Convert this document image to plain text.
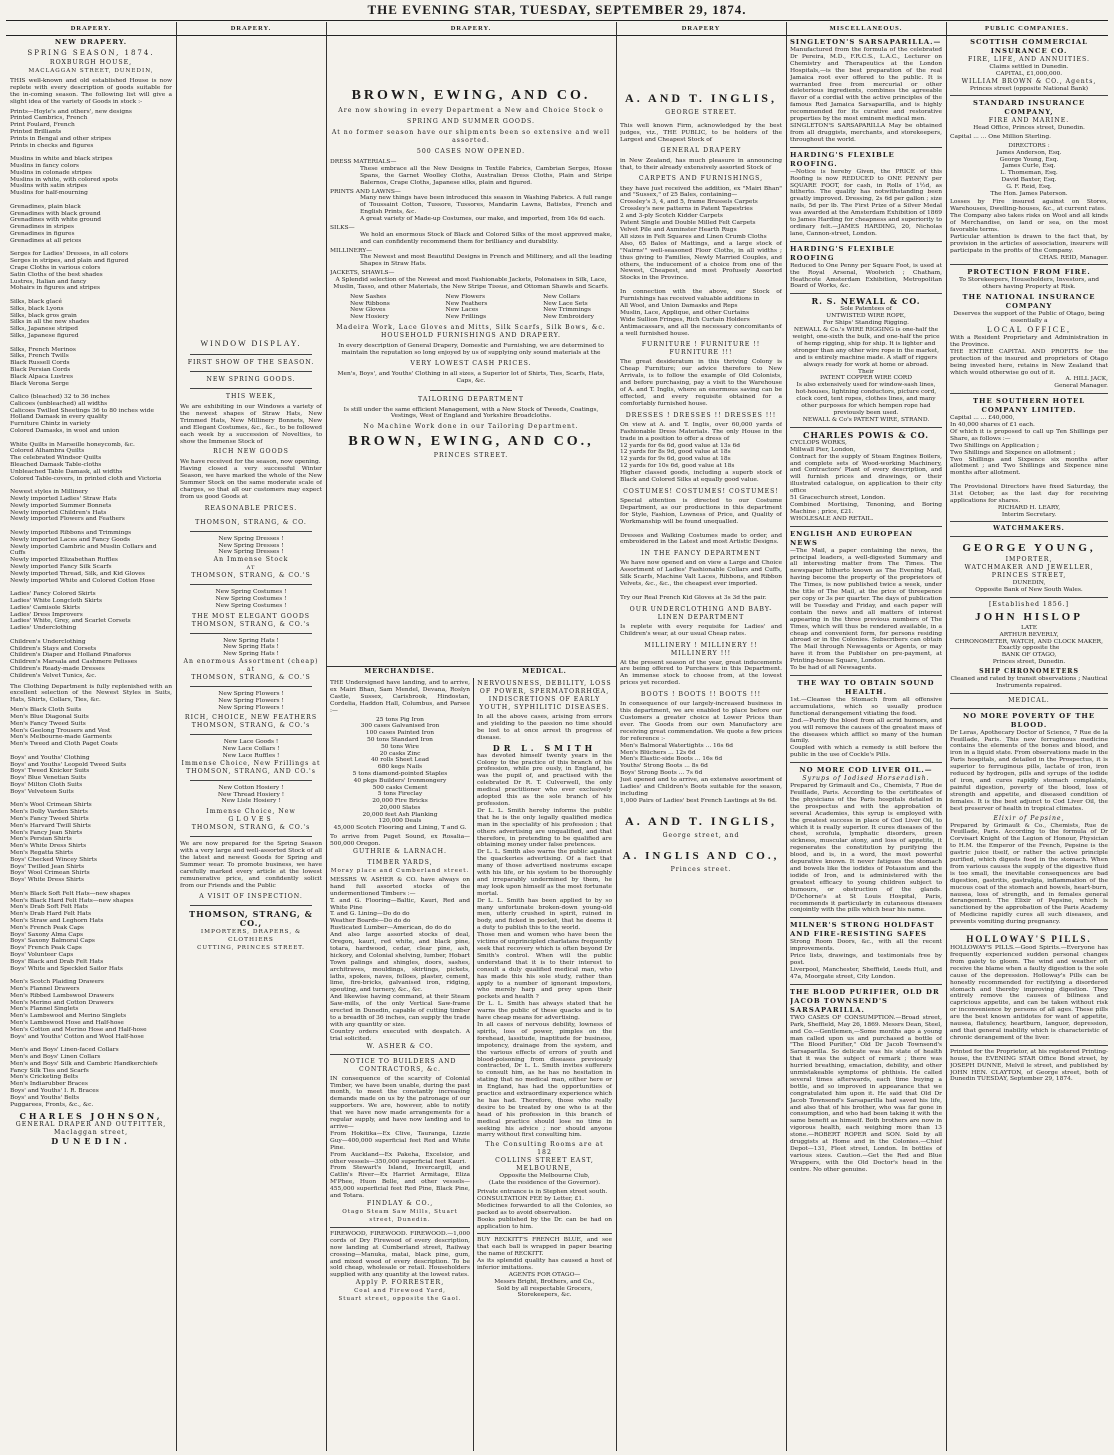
THE EVENING STAR, TUESDAY, SEPTEMBER 29, 1874.
DRAPERY.	DRAPERY.	DRAPERY.	DRAPERY	MISCELLANEOUS.	PUBLIC COMPANIES.
NEW DRAPERY.
SPRING SEASON, 1874.
ROXBURGH HOUSE,
MACLAGGAN STREET, DUNEDIN,
THIS well-known and old established House is now replete with every description of goods suitable for the in-coming season. The following list will give a slight idea of the variety of Goods in stock :-
Prints—Hoyle's and others', new designs
Printed Cambrics, French
Print Foulard, French
Printed Brilliants
Prints in Bengal and other stripes
Prints in checks and figures

Muslins in white and black stripes
Muslins in fancy colors
Muslins in colonade stripes
Muslins in white, with colored spots
Muslins with satin stripes
Muslins for half-mourning

Grenadines, plain black
Grenadines with black ground
Grenadines with white ground
Grenadines in stripes
Grenadines in figures
Grenadines at all prices

Serges for Ladies' Dresses, in all colors
Serges in stripes, and plain and figured
Crape Cloths in various colors
Satin Cloths of the best shades
Lustres, Italian and fancy
Mohairs in figures and stripes

Silks, black glacé
Silks, black Lyons
Silks, black gros grain
Silks in all the new shades
Silks, Japanese striped
Silks, Japanese figured

Silks, French Merinos
Silks, French Twills
Black Russell Cords
Black Persian Cords
Black Alpaca Lustres
Black Verona Serge

Calico (bleached) 32 to 36 inches
Calicoes (unbleached) all widths
Calicoes Twilled Sheetings 36 to 80 inches wide
Holland Damask in every quality
Furniture Chintz in variety
Colored Damasks, in wool and union

White Quilts in Marseille honeycomb, &c.
Colored Alhambra Quilts
The celebrated Windsor Quilts
Bleached Damask Table-cloths
Unbleached Table Damask, all widths
Colored Table-covers, in printed cloth and Victoria

Newest styles in Millinery
Newly imported Ladies' Straw Hats
Newly imported Summer Bonnets
Newly imported Children's Hats
Newly imported Flowers and Feathers

Newly imported Ribbons and Trimmings
Newly imported Laces and Fancy Goods
Newly imported Cambric and Muslin Collars and Cuffs
Newly imported Elizabethan Ruffles
Newly imported Fancy Silk Scarfs
Newly imported Thread, Silk, and Kid Gloves
Newly imported White and Colored Cotton Hose

Ladies' Fancy Colored Skirts
Ladies' White Longcloth Skirts
Ladies' Camisole Skirts
Ladies' Dress Improvers
Ladies' White, Grey, and Scarlet Corsets
Ladies' Underclothing

Children's Underclothing
Children's Stays and Corsets
Children's Diaper and Holland Pinafores
Children's Marsala and Cashmere Pelisses
Children's Ready-made Dresses
Children's Velvet Tunics, &c.
The Clothing Department is fully replenished with an excellent selection of the Newest Styles in Suits, Hats, Shirts, Collars, Ties, &c.
Men's Black Cloth Suits
Men's Blue Diagonal Suits
Men's Fancy Tweed Suits
Men's Geelong Trousers and Vest
Men's Melbourne-made Garments
Men's Tweed and Cloth Paget Coats

Boys' and Youths' Clothing
Boys' and Youths' Leopold Tweed Suits
Boys' Tweed Knicker Suits
Boys' Blue Venetian Suits
Boys' Milton Cloth Suits
Boys' Velveteen Suits

Men's Wool Crimean Shirts
Men's Dolly Varden Shirts
Men's Fancy Tweed Shirts
Men's Harvard Twill Shirts
Men's Fancy Jean Shirts
Men's Persian Shirts
Men's White Dress Shirts
Men's Regatta Shirts
Boys' Checked Wincey Shirts
Boys' Twilled Jean Shirts
Boys' Wool Crimean Shirts
Boys' White Dress Shirts

Men's Black Soft Felt Hats—new shapes
Men's Black Hard Felt Hats—new shapes
Men's Drab Soft Felt Hats
Men's Drab Hard Felt Hats
Men's Straw and Leghorn Hats
Men's French Peak Caps
Boys' Saxony Alma Caps
Boys' Saxony Balmoral Caps
Boys' French Peak Caps
Boys' Volunteer Caps
Boys' Black and Drab Felt Hats
Boys' White and Speckled Sailor Hats

Men's Scotch Plaiding Drawers
Men's Flannel Drawers
Men's Ribbed Lambswool Drawers
Men's Merino and Cotton Drawers
Men's Flannel Singlets
Men's Lambswool and Merino Singlets
Men's Lambswool Hose and Half-hose
Men's Cotton and Merino Hose and Half-hose
Boys' and Youths' Cotton and Wool Half-hose

Men's and Boys' Linen-faced Collars
Men's and Boys' Linen Collars
Men's and Boys' Silk and Cambric Handkerchiefs
Fancy Silk Ties and Scarfs
Men's Cricketing Belts
Men's Indiarubber Braces
Boys' and Youths' I. R. Braces
Boys' and Youths' Belts
Puggarees, Fronts, &c., &c.
CHARLES JOHNSON,
GENERAL DRAPER AND OUTFITTER,
Maclaggan street,
DUNEDIN.
WINDOW DISPLAY.
FIRST SHOW OF THE SEASON.
NEW SPRING GOODS.
THIS WEEK,
We are exhibiting in our Windows a variety of the newest shapes of Straw Hats, New Trimmed Hats, New Millinery Bonnets, New and Elegant Costumes, &c., &c., to be followed each week by a succession of Novelties, to show the Immense Stock of
RICH NEW GOODS
We have received for the season, now opening.
Having closed a very successful Winter Season, we have marked the whole of the New Summer Stock on the same moderate scale of charges, so that all our customers may expect from us good Goods at
REASONABLE PRICES.
THOMSON, STRANG, & CO.
New Spring Dresses !
New Spring Dresses !
New Spring Dresses !
An Immense Stock
AT
THOMSON, STRANG, & CO.'S
New Spring Costumes !
New Spring Costumes !
New Spring Costumes !
THE MOST ELEGANT GOODS
THOMSON, STRANG, & CO.'s
New Spring Hats !
New Spring Hats !
New Spring Hats !
An enormous Assortment (cheap) at
THOMSON, STRANG, & CO.'S
New Spring Flowers !
New Spring Flowers !
New Spring Flowers !
RICH, CHOICE, NEW FEATHERS
THOMSON, STRANG, & CO.'s
New Lace Goods !
New Lace Collars !
New Lace Ruffles !
Immense Choice, New Frillings at
THOMSON, STRANG, AND CO.'s
New Cotton Hosiery !
New Thread Hosiery !
New Lisle Hosiery !
Immense Choice, New
GLOVES
THOMSON, STRANG, & CO.'s
We are now prepared for the Spring Season with a very large and well-assorted Stock of all the latest and newest Goods for Spring and Summer wear. To promote business, we have carefully marked every article at the lowest remunerative price, and confidently solicit from our Friends and the Public
A VISIT OF INSPECTION.
THOMSON, STRANG, & CO.,
IMPORTERS, DRAPERS, & CLOTHIERS
CUTTING, PRINCES STREET.
BROWN, EWING, AND CO.
Are now showing in every Department a New and Choice Stock o
SPRING AND SUMMER GOODS.
At no former season have our shipments been so extensive and well assorted.
500 CASES NOW OPENED.
DRESS MATERIALS—
These embrace all the New Designs in Textile Fabrics, Cambrian Serges, Hosse Spans, the Garnet Woolley Cloths, Australian Dress Cloths, Plain and Stripe Balernos, Crape Cloths, Japanese silks, plain and figured.
PRINTS AND LAWNS—
Many new things have been introduced this season in Washing Fabrics. A full range of Toussaint Cotton, Tussore, Tussores, Mandarin Lawns, Batistes, French and English Prints, &c.
A great variety of Made-up Costumes, our make, and imported, from 16s 6d each.
SILKS—
We hold an enormous Stock of Black and Colored Silks of the most approved make, and can confidently recommend them for brilliancy and durability.
MILLINERY—
The Newest and most Beautiful Designs in French and Millinery, and all the leading Shapes in Straw Hats.
JACKETS, SHAWLS—
A Splendid selection of the Newest and most Fashionable Jackets, Polonaises in Silk, Lace, Muslin, Tasso, and other Materials, the New Stripe Tissue, and Ottoman Shawls and Scarfs.
New Sashes
New Ribbons
New Gloves
New Hosiery
New Flowers
New Feathers
New Laces
New Frillings
New Collars
New Lace Sets
New Trimmings
New Embroidery
Madeira Work, Lace Gloves and Mitts, Silk Scarfs, Silk Bows, &c.
HOUSEHOLD FURNISHINGS AND DRAPERY.
In every description of General Drapery, Domestic and Furnishing, we are determined to maintain the reputation so long enjoyed by us of supplying only sound materials at the
VERY LOWEST CASH PRICES.
Men's, Boys', and Youths' Clothing in all sizes, a Superior lot of Shirts, Ties, Scarfs, Hats, Caps, &c.
TAILORING DEPARTMENT
Is still under the same efficient Management, with a New Stock of Tweeds, Coatings, Vestings, West of England and Yorkshire Broadcloths.
No Machine Work done in our Tailoring Department.
BROWN, EWING, AND CO.,
PRINCES STREET.
MERCHANDISE.	MEDICAL.
THE Undersigned have landing, and to arrive, ex Mairi Bhan, Sam Mendel, Devana, Roslyn Castle, Sussex, Carisbrook, Hindostan, Cordelia, Haddon Hall, Columbus, and Parsee :—
25 tons Pig Iron
300 cases Galvanised Iron
100 cases Painted Iron
50 tons Standard Iron
50 tons Wire
20 casks Zinc
40 rolls Sheet Lead
680 kegs Nails
5 tons diamond-pointed Staples
40 pkgs Builders' Ironmongery
500 casks Cement
5 tons Fireclay
20,000 Fire Bricks
20,000 Slates
20,000 feet Ash Planking
120,000 Deals
45,000 Scotch Flooring and Lining, T and G.
To arrive from Puget Sound, ex Rosalia—500,000 Oregon.
GUTHRIE & LARNACH.
TIMBER YARDS,
Moray place and Cumberland street.
MESSRS W. ASHER & CO. have always on hand full assorted stocks of the undermentioned Timbers :—
T. and G. Flooring—Baltic, Kauri, Red and White Pine
T. and G. Lining—Do do do
Weather Boards—Do do do
Rusticated Lumber—American, do do do
And also large assorted stocks of deal, Oregon, kauri, red white, and black pine, totara, hardwood, cedar, clear pine, ash, hickory, and Colonial shelving, lumber, Hobart Town palings and shingles, doors, sashes, architraves, mouldings, skirtings, pickets, laths, spokes, naves, felloes, plaster, cement, lime, fire-bricks, galvanised iron, ridging, spouting, and turnery, &c., &c.
And likewise having command, at their Steam Saw-mills, of the only Vertical Saw-frame erected in Dunedin, capable of cutting timber to a breadth of 36 inches, can supply the trade with any quantity or size.
Country orders executed with despatch. A trial solicited.
W. ASHER & CO.
NOTICE TO BUILDERS AND CONTRACTORS, &c.
IN consequence of the scarcity of Colonial Timber, we have been unable, during the past month, to meet the constantly increasing demands made on us by the patronage of our supporters. We are, however, able to notify that we have now made arrangements for a regular supply, and have now landing and to arrive—
From Hokitika—Ex Clive, Tauranga, Lizzie Guy—400,000 superficial feet Red and White Pine.
From Auckland—Ex Pakeha, Excelsior, and other vessels—350,000 superficial feet Kauri.
From Stewart's Island, Invercargill, and Catlin's River—Ex Harriet Armitage, Eliza M'Phee, Huon Belle, and other vessels—455,000 superficial feet Red Pine, Black Pine, and Totara.
FINDLAY & CO.,
Otago Steam Saw Mills, Stuart street, Dunedin.
FIREWOOD, FIREWOOD. FIREWOOD.—1,000 cords of Dry Firewood of every description, now landing at Cumberland street, Railway crossing—Manuka, matai, black pine, gum, and mixed wood of every description. To be sold cheap, wholesale or retail. Householders supplied with any quantity at the lowest rates.
Apply P. FORRESTER,
Coal and Firewood Yard,
Stuart street, opposite the Gaol.
NERVOUSNESS, DEBILITY, LOSS OF POWER, SPERMATORRHŒA, INDISCRETIONS OF EARLY YOUTH, SYPHILITIC DISEASES.
In all the above cases, arising from errors and yielding to the passion no time should be lost to at once arrest th progress of disease.
DR L. SMITH
has devoted himself twenty years in the Colony to the practice of this branch of his profession, while pre ously, in England, he was the pupil of, and practised with the celebrated Dr R. T. Culverwell, the only medical practitioner who ever exclusively adopted this as the sole branch of his profession.
Dr L. L. Smith hereby informs the public that he is the only legally qualified medica man in the speciality of his profession ; that others advertising are unqualified, and that therefore, in pretending to be qualified are obtaining money under false pretences.
Dr L. L. Smith also warns the public against the quackeries advertising. Of a fact that many of those advertised nostrums escape with his life, or his system to be thoroughly and irreparably undermined by them, he may look upon himself as the most fortunate mortal.
Dr L. L. Smith has been applied to by so many unfortunate broken-down young-old men, utterly crushed in spirit, ruined in body, and ficked in pocket, that he deems it a duty to publish this to the world.
Those men and women who have been the victims of unprincipled charlatans frequently seek that recovery which is often beyond Dr Smith's control. When will the public understand that it is to their interest to consult a duly qualified medical man, who has made this his sole study, rather than apply to a number of ignorant impostors, who merely harp and prey upon their pockets and health ?
Dr L. L. Smith has always stated that he warns the public of these quacks and is to have cheap means for advertising.
In all cases of nervous debility, lowness of spirits, loss of power, pimples on the forehead, lassitude, inaptitude for business, impotency, drainage from the system, and the various effects of errors of youth and blood-poisoning from diseases previously contracted, Dr L. L. Smith invites sufferers to consult him, as he has no hesitation in stating that no medical man, either here or in England, has had the opportunities of practice and extraordinary experience which he has had. Therefore, those who really desire to be treated by one who is at the head of his profession in this branch of medical practice should lose no time in seeking his advice ; nor should anyone marry without first consulting him.
The Consulting Rooms are at 182
COLLINS STREET EAST, MELBOURNE,
Opposite the Melbourne Club,
(Late the residence of the Governor).
Private entrance is in Stephen street south.
CONSULTATION FEE by Letter, £1.
Medicines forwarded to all the Colonies, so packed as to avoid observation.
Books published by the Dr. can be had on application to him.
BUY RECKITT'S FRENCH BLUE, and see that each ball is wrapped in paper bearing the name of RECKITT.
As its splendid quality has caused a host of inferior imitations.
AGENTS FOR OTAGO—
Messrs Bright, Brothers, and Co.,
Sold by all respectable Grocers, Storekeepers, &c.
A. AND T. INGLIS,
GEORGE STREET.
This well known Firm, acknowledged by the best judges, viz., THE PUBLIC, to be holders of the Largest and Cheapest Stock of
GENERAL DRAPERY
in New Zealand, has much pleasure in announcing that, to their already extensively assorted Stock of
CARPETS AND FURNISHINGS,
they have just received the addition, ex "Mairi Bhan" and "Sussex," of 25 Bales, containing—
Crossley's 3, 4, and 5, frame Brussels Carpets
Crossley's new patterns in Patent Tapestries
2 and 3-ply Scotch Kidder Carpets
Patent Single and Double Milled Felt Carpets
Velvet Pile and Axminster Hearth Rugs
All sizes in Felt Squares and Linen Crumb Cloths
Also, 65 Bales of Mattings, and a large stock of "Nairns'" well-seasoned Floor Cloths, in all widths ; thus giving to Families, Newly Married Couples, and others, the inducement of a choice from one of the Newest, Cheapest, and most Profusely Assorted Stocks in the Province.

In connection with the above, our Stock of Furnishings has received valuable additions in
All Wool, and Union Damasks and Reps
Muslin, Lace, Applique, and other Curtains
Wide Sullion Fringes, Rich Curtain Holders
Antimacassars, and all the necessary concomitants of a well furnished house.
FURNITURE ! FURNITURE !! FURNITURE !!!
The great desideratum in this thriving Colony is Cheap Furniture; our advice therefore to New Arrivals, is to follow the example of Old Colonists, and before purchasing, pay a visit to the Warehouse of A. and T. Inglis, where an enormous saving can be effected, and every requisite obtained for a comfortably furnished house.
DRESSES ! DRESSES !! DRESSES !!!
On view at A. and T. Inglis, over 60,000 yards of Fashionable Dress Materials. The only House in the trade in a position to offer a dress of
12 yards for 6s 6d, good value at 13s 6d
12 yards for 8s 9d, good value at 18s
12 yards for 9s 6d, good value at 18s
12 yards for 10s 6d, good value at 18s
Higher classed goods, including a superb stock of Black and Colored Silks at equally good value.
COSTUMES! COSTUMES! COSTUMES!
Special attention is directed to our Costume Department, as our productions in this department for Style, Fashion, Lowness of Price, and Quality of Workmanship will be found unequalled.

Dresses and Walking Costumes made to order, and embroidered in the Latest and most Artistic Designs.
IN THE FANCY DEPARTMENT
We have now opened and on view a Large and Choice Assortment of Ladies' Fashionable Collars and Cuffs, Silk Scarfs, Machine Valt Laces, Ribbons, and Ribbon Velvets, &c., &c., the cheapest ever imported.

Try our Real French Kid Gloves at 3s 3d the pair.
OUR UNDERCLOTHING AND BABY-LINEN DEPARTMENT
Is replete with every requisite for Ladies' and Children's wear, at our usual Cheap rates.
MILLINERY ! MILLINERY !! MILLINERY !!!
At the present season of the year, great inducements are being offered to Purchasers in this Department. An immense stock to choose from, at the lowest prices yet recorded.
BOOTS ! BOOTS !! BOOTS !!!
In consequence of our largely-increased business in this department, we are enabled to place before our Customers a greater choice at Lower Prices than ever. The Goods from our own Manufactory are receiving great commendation. We quote a few prices for reference :-
Men's Balmoral Watertights ... 16s 6d
Men's Blüchers ... 12s 6d
Men's Elastic-side Boots ... 16s 6d
Youths' Strong Boots ... 8s 6d
Boys' Strong Boots ... 7s 6d
Just opened and to arrive, an extensive assortment of Ladies' and Children's Boots suitable for the season, including
1,000 Pairs of Ladies' best French Lastings at 9s 6d.
A. AND T. INGLIS,
George street, and
A. INGLIS AND CO.,
Princes street.
SINGLETON'S SARSAPARILLA.—
Manufactured from the formula of the celebrated Dr Pereira, M.D., F.R.C.S., L.A.C., Lecturer on Chemistry and Therapeutics at the London Hospitals,—is the best preparation of the real Jamaica root ever offered to the public. It is warranted free from mercurial or other deleterious ingredients, combines the agreeable flavor of a cordial with the active principles of the famous Red Jamaica Sarsaparilla, and is highly recommended for its curative and restorative properties by the most eminent medical men.
SINGLETON'S SARSAPARILLA May be obtained from all druggists, merchants, and storekeepers, throughout the world.
HARDING'S FLEXIBLE ROOFING.
—Notice is hereby Given, the PRICE of this Roofing is now REDUCED to ONE PENNY per SQUARE FOOT, for cash, in Rolls of 1½d, as hitherto. The quality has notwithstanding been greatly improved. Dressing, 2s 6d per gallon ; size nails, 5d per lb. The First Prize of a Silver Medal was awarded at the Amsterdam Exhibition of 1869 to James Harding for cheapness and superiority to ordinary felt.—JAMES HARDING, 20, Nicholas lane, Cannon-street, London.
HARDING'S FLEXIBLE ROOFING
Reduced to One Penny per Square Foot, is used at the Royal Arsenal, Woolwich ; Chatham, Heathcote Amsterdam Exhibition, Metropolitan Board of Works, &c.
R. S. NEWALL & CO.
Sole Patentees of
UNTWISTED WIRE ROPE,
For Ships' Standing Rigging.
NEWALL & Co.'s WIRE RIGGING is one-half the weight, one-sixth the bulk, and one-half the price of hemp rigging, ship for ship. It is lighter and stronger than any other wire rope in the market, and is entirely machine made. A staff of riggers always ready for work at home or abroad.
Their
PATENT COPPER WIRE CORD
Is also extensively used for window-sash lines, hot-houses, lightning conductors, picture cord, clock cord, tent ropes, clothes lines, and many other purposes for which hempen rope had previously been used.
NEWALL & Co's PATENT WIRE, STRAND.
CHARLES POWIS & CO.
CYCLOPS WORKS,
Millwall Pier, London,
Contract for the supply of Steam Engines Boilers, and complete sets of Wood-working Machinery, and Contractors' Plant of every description, and will furnish prices and drawings, or their illustrated catalogue, on application to their city office
51 Gracechurch street, London.
Combined Mortising, Tenoning, and Boring Machine ; price, £21.
WHOLESALE AND RETAIL.
ENGLISH AND EUROPEAN NEWS
—The Mail, a paper containing the news, the principal leaders, a well-digested Summary and all interesting matter from The Times. The newspaper hitherto known as The Evening Mail, having become the property of the proprietors of The Times, is now published twice a week, under the title of The Mail, at the price of threepence per copy or 3s per quarter. The days of publication will be Tuesday and Friday, and each paper will contain the news and all matters of interest appearing in the three previous numbers of The Times, which will thus be rendered available, in a cheap and convenient form, for persons residing abroad or in the Colonies. Subscribers can obtain The Mail through Newsagents or Agents, or may have it from the Publisher on pre-payment, at Printing-house Square, London.
To be had of all Newsagents.
THE WAY TO OBTAIN SOUND HEALTH.
1st.—Cleanse the Stomach from all offensive accumulations, which so usually produce functional derangement vitiating the food.
2nd.—Purify the blood from all acrid humors, and you will remove the causes of the greatest mass of the diseases which afflict so many of the human family.
Coupled with which a remedy is still before the public in the use of Cockle's Pills.
NO MORE COD LIVER OIL.—
Syrups of Iodised Horseradish.
Prepared by Grimault and Co., Chemists, 7 Rue de Feuillade, Paris. According to the certificates of the physicians of the Paris hospitals detailed in the prospectus and with the approbation of several Academies, this syrup is employed with the greatest success in place of Cod Liver Oil, to which it is really superior. It cures diseases of the chest, scrofula, lymphatic disorders, green sickness, muscular atony, and loss of appetite, it regenerates the constitution by purifying the blood, and is, in a word, the most powerful depurative known. It never fatigues the stomach and bowels like the iodides of Potassium and the iodide of Iron, and is administered with the greatest efficacy to young children subject to humours, or obstruction of the glands. D'Ochorne's at St Louis Hospital, Paris, recommends it particularly in cutaneous diseases conjointly with the pills which bear his name.
MILNER'S STRONG HOLDFAST AND FIRE-RESISTING SAFES
Strong Room Doors, &c., with all the recent improvements.
Price lists, drawings, and testimonials free by post.
Liverpool, Manchester, Sheffield, Leeds Hull, and 47a, Moorgate street, City London.
THE BLOOD PURIFIER, OLD DR JACOB TOWNSEND'S SARSAPARILLA.
TWO CASES OF CONSUMPTION.—Broad street, Park, Sheffield, May 26, 1869. Messrs Dean, Steel, and Co.—Gentlemen,—Some months ago a young man called upon us and purchased a bottle of "The Blood Purifier," Old Dr Jacob Townsend's Sarsaparilla. So delicate was his state of health that it was the subject of remark ; there was hurried breathing, emaciation, debility, and other unmistakeable symptoms of phthisis. He called several times afterwards, each time buying a bottle, and so improved in appearance that we congratulated him upon it. He said that Old Dr Jacob Townsend's Sarsaparilla had saved his life, and also that of his brother, who was far gone in consumption, and who had been taking it with the same benefit as himself. Both brothers are now in vigorous health, each weighing more than 13 stone.—ROBERT ROPER and SON. Sold by all druggists at Home and in the Colonies.—Chief Depot—131, Fleet street, London. In bottles of various sizes. Caution.—Get the Red and Blue Wrappers, with the Old Doctor's head in the centre. No other genuine.
SCOTTISH COMMERCIAL INSURANCE CO.
FIRE, LIFE, AND ANNUITIES.
Claims settled in Dunedin.
CAPITAL, £1,000,000.
WILLIAM BROWN & CO., Agents,
Princes street (opposite National Bank)
STANDARD INSURANCE COMPANY,
FIRE AND MARINE.
Head Office, Princes street, Dunedin.
Capital ... ... One Million Sterling.
DIRECTORS :
James Anderson, Esq.
George Young, Esq.
James Curle, Esq.
L. Thomeman, Esq.
David Baxter, Esq.
G. F. Reid, Esq.
The Hon. James Paterson.
Losses by Fire insured against on Stores, Warehouses, Dwelling-houses, &c., at current rates.
The Company also takes risks on Wool and all kinds of Merchandise, on land or sea, on the most favorable terms.
Particular attention is drawn to the fact that, by provision in the articles of association, insurers will participate in the profits of the Company.
CHAS. REID, Manager.
PROTECTION FROM FIRE.
To Storekeepers, Householders, Investors, and others having Property at Risk.
THE NATIONAL INSURANCE COMPANY
Deserves the support of the Public of Otago, being essentially a
LOCAL OFFICE,
With a Resident Proprietary and Administration in the Province.
THE ENTIRE CAPITAL AND PROFITS for the protection of the insured and proprietors of Otago being invested here, retains in New Zealand that which would otherwise go out of it.
A. HILL JACK,
General Manager.
THE SOUTHERN HOTEL COMPANY LIMITED.
Capital ... ... £40,000,
In 40,000 shares of £1 each.
Of which it is proposed to call up Ten Shillings per Share, as follows :—
Two Shillings on Application ;
Two Shillings and Sixpence on allotment ;
Two Shillings and Sixpence six months after allotment ; and Two Shillings and Sixpence nine months after allotment.

The Provisional Directors have fixed Saturday, the 31st October, as the last day for receiving applications for shares.
RICHARD H. LEARY,
Interim Secretary.
WATCHMAKERS.
GEORGE YOUNG,
IMPORTER,
WATCHMAKER AND JEWELLER,
PRINCES STREET,
DUNEDIN,
Opposite Bank of New South Wales.
[Established 1856.]
JOHN HISLOP
LATE
ARTHUR BEVERLY,
CHRONOMETER, WATCH, AND CLOCK MAKER,
Exactly opposite the
BANK OF OTAGO,
Princes street, Dunedin.
SHIP CHRONOMETERS
Cleaned and rated by transit observations ; Nautical Instruments repaired.
MEDICAL.
NO MORE POVERTY OF THE BLOOD.
Dr Leras, Apothecary Doctor of Science, 7 Rue de la Feuillade, Paris. This new ferruginous medicine contains the elements of the bones and blood, and iron in a liquid state. From observations made in the Paris hospitals, and detailed in the Prospectus, it is superior to ferruginous pills, lactate of iron, iron reduced by hydrogen, pills and syrups of the iodide of iron, and cures rapidly stomach complaints, painful digestion, poverty of the blood, loss of strength and appetite, and diseased condition of females. It is the best adjunct to Cod Liver Oil, the best preserver of health in tropical climates.
Elixir of Pepsine,
Prepared by Grimault & Co., Chemists, Rue de Feuillade, Paris. According to the formula of Dr Corvisart Knight of the Legion of Honour, Physician to H.M. the Emperor of the French, Pepsine is the gastric juice itself, or rather the active principle purified, which digests food in the stomach. When from various causes the supply of the digestive fluid is too small, the inevitable consequences are bad digestion, gastritis, gastralgia, inflammation of the mucous coat of the stomach and bowels, heart-burn, nausea, loss of strength, and in females general derangement. The Elixir of Pepsine, which is sanctioned by the approbation of the Paris Academy of Medicine rapidly cures all such diseases, and prevents vomiting during pregnancy.
HOLLOWAY'S PILLS.
HOLLOWAY'S PILLS.—Good Spirits.—Everyone has frequently experienced sudden personal changes from gaiety to gloom. The wind and weather oft receive the blame when a faulty digestion is the sole cause of the depression. Holloway's Pills can be honestly recommended for rectifying a disordered stomach and thereby improving digestion. They entirely remove the causes of biliness and capricious appetite, and can be taken without risk or inconvenience by persons of all ages. These pills are the best known antidotes for want of appetite, nausea, flatulency, heartburn, languor, depression, and that general inability which is characteristic of chronic derangement of the liver.
Printed for the Proprietor, at his registered Printing-house, the EVENING STAR Office Bond street, by JOSEPH DUNNE, Melvil le street, and published by JOHN HEN. CLAYTON, of George street, both of Dunedin TUESDAY, September 29, 1874.
